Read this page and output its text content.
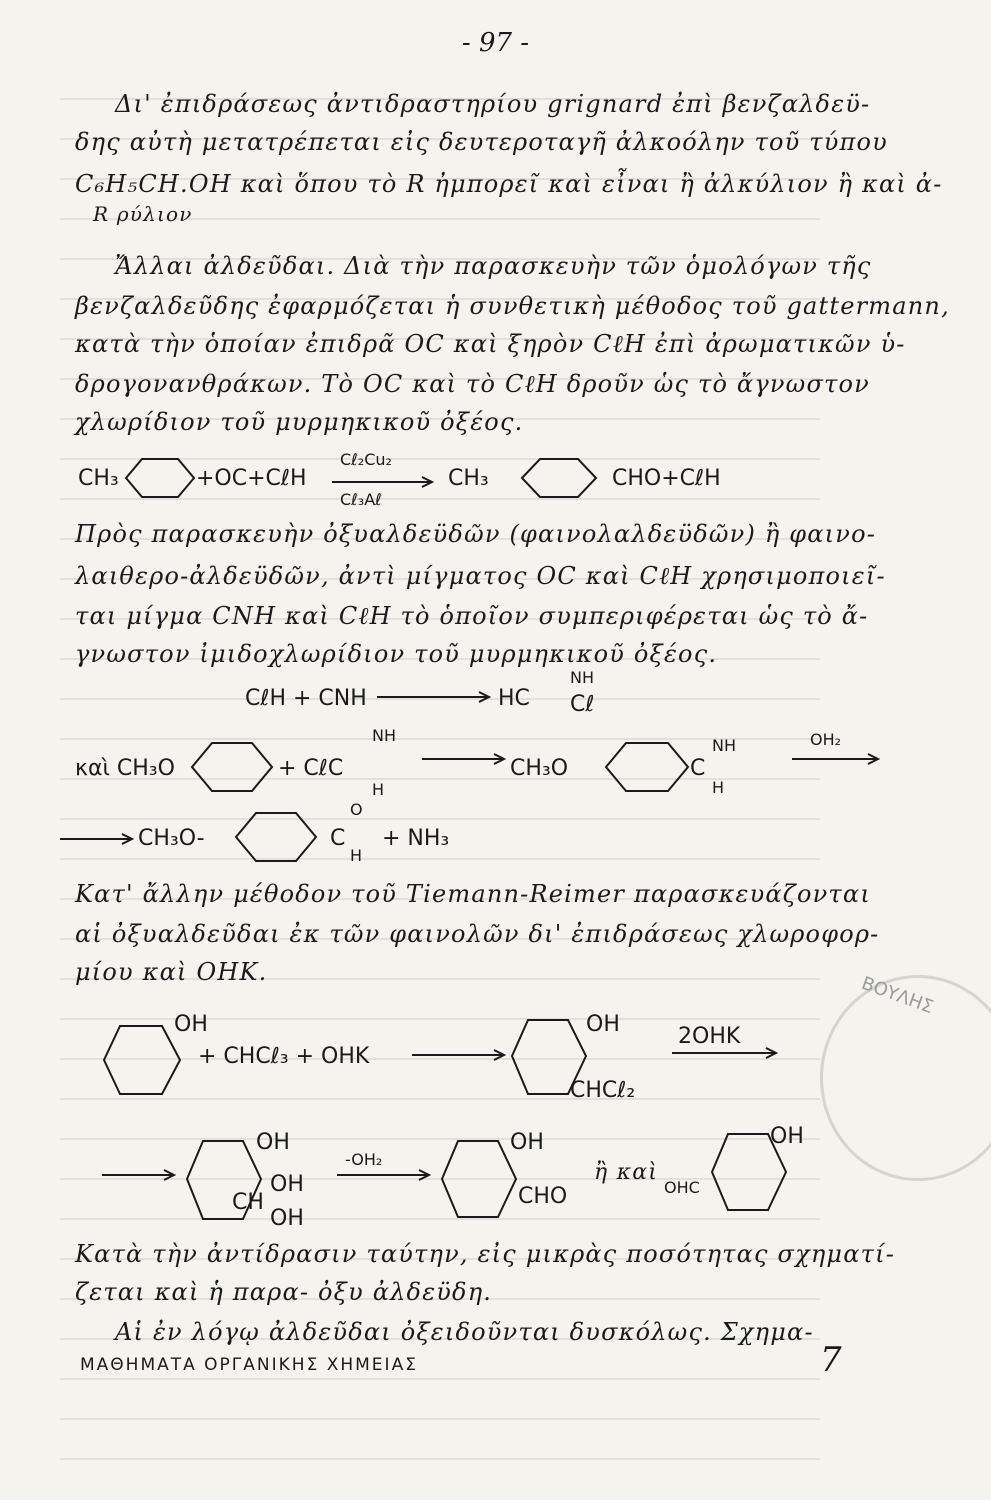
- 97 -
Δι' ἐπιδράσεως ἀντιδραστηρίου grignard ἐπὶ βενζαλδεϋ-
δης αὐτὴ μετατρέπεται εἰς δευτεροταγῆ ἀλκοόλην τοῦ τύπου
C₆H₅CH.OH καὶ ὅπου τὸ R ἠμπορεῖ καὶ εἶναι ἢ ἀλκύλιον ἢ καὶ ἀ-
R ρύλιον
Ἄλλαι ἀλδεῦδαι. Διὰ τὴν παρασκευὴν τῶν ὁμολόγων τῆς
βενζαλδεῦδης ἐφαρμόζεται ἡ συνθετικὴ μέθοδος τοῦ gattermann,
κατὰ τὴν ὁποίαν ἐπιδρᾶ OC καὶ ξηρὸν CℓH ἐπὶ ἀρωματικῶν ὑ-
δρογονανθράκων. Τὸ OC καὶ τὸ CℓH δροῦν ὡς τὸ ἄγνωστον
χλωρίδιον τοῦ μυρμηκικοῦ ὀξέος.
CH₃	+OC+CℓH
Cℓ₂Cu₂
Cℓ₃Aℓ
CH₃	CHO+CℓH
Πρὸς παρασκευὴν ὀξυαλδεϋδῶν (φαινολαλδεϋδῶν) ἢ φαινο-
λαιθερο-ἀλδεϋδῶν, ἀντὶ μίγματος OC καὶ CℓH χρησιμοποιεῖ-
ται μίγμα CNH καὶ CℓH τὸ ὁποῖον συμπεριφέρεται ὡς τὸ ἄ-
γνωστον ἰμιδοχλωρίδιον τοῦ μυρμηκικοῦ ὀξέος.
CℓH + CNH	HC
NH
Cℓ
καὶ CH₃O	+ CℓC
NH
H
CH₃O	C
NH
H
OH₂
CH₃O-	C
O
H
+ NH₃
Κατ' ἄλλην μέθοδον τοῦ Tiemann-Reimer παρασκευάζονται
αἱ ὀξυαλδεῦδαι ἐκ τῶν φαινολῶν δι' ἐπιδράσεως χλωροφορ-
μίου καὶ OHK.
OH
+ CHCℓ₃ + OHK
OH
CHCℓ₂
2OHK
OH
CH
OH
OH
-OH₂
OH
CHO
ἢ καὶ
OH
OHC
Κατὰ τὴν ἀντίδρασιν ταύτην, εἰς μικρὰς ποσότητας σχηματί-
ζεται καὶ ἡ παρα- ὀξυ ἀλδεϋδη.
Αἱ ἐν λόγῳ ἀλδεῦδαι ὀξειδοῦνται δυσκόλως. Σχημα-
ΜΑΘΗΜΑΤΑ ΟΡΓΑΝΙΚΗΣ ΧΗΜΕΙΑΣ	7
ΒΟΥΛΗΣ
